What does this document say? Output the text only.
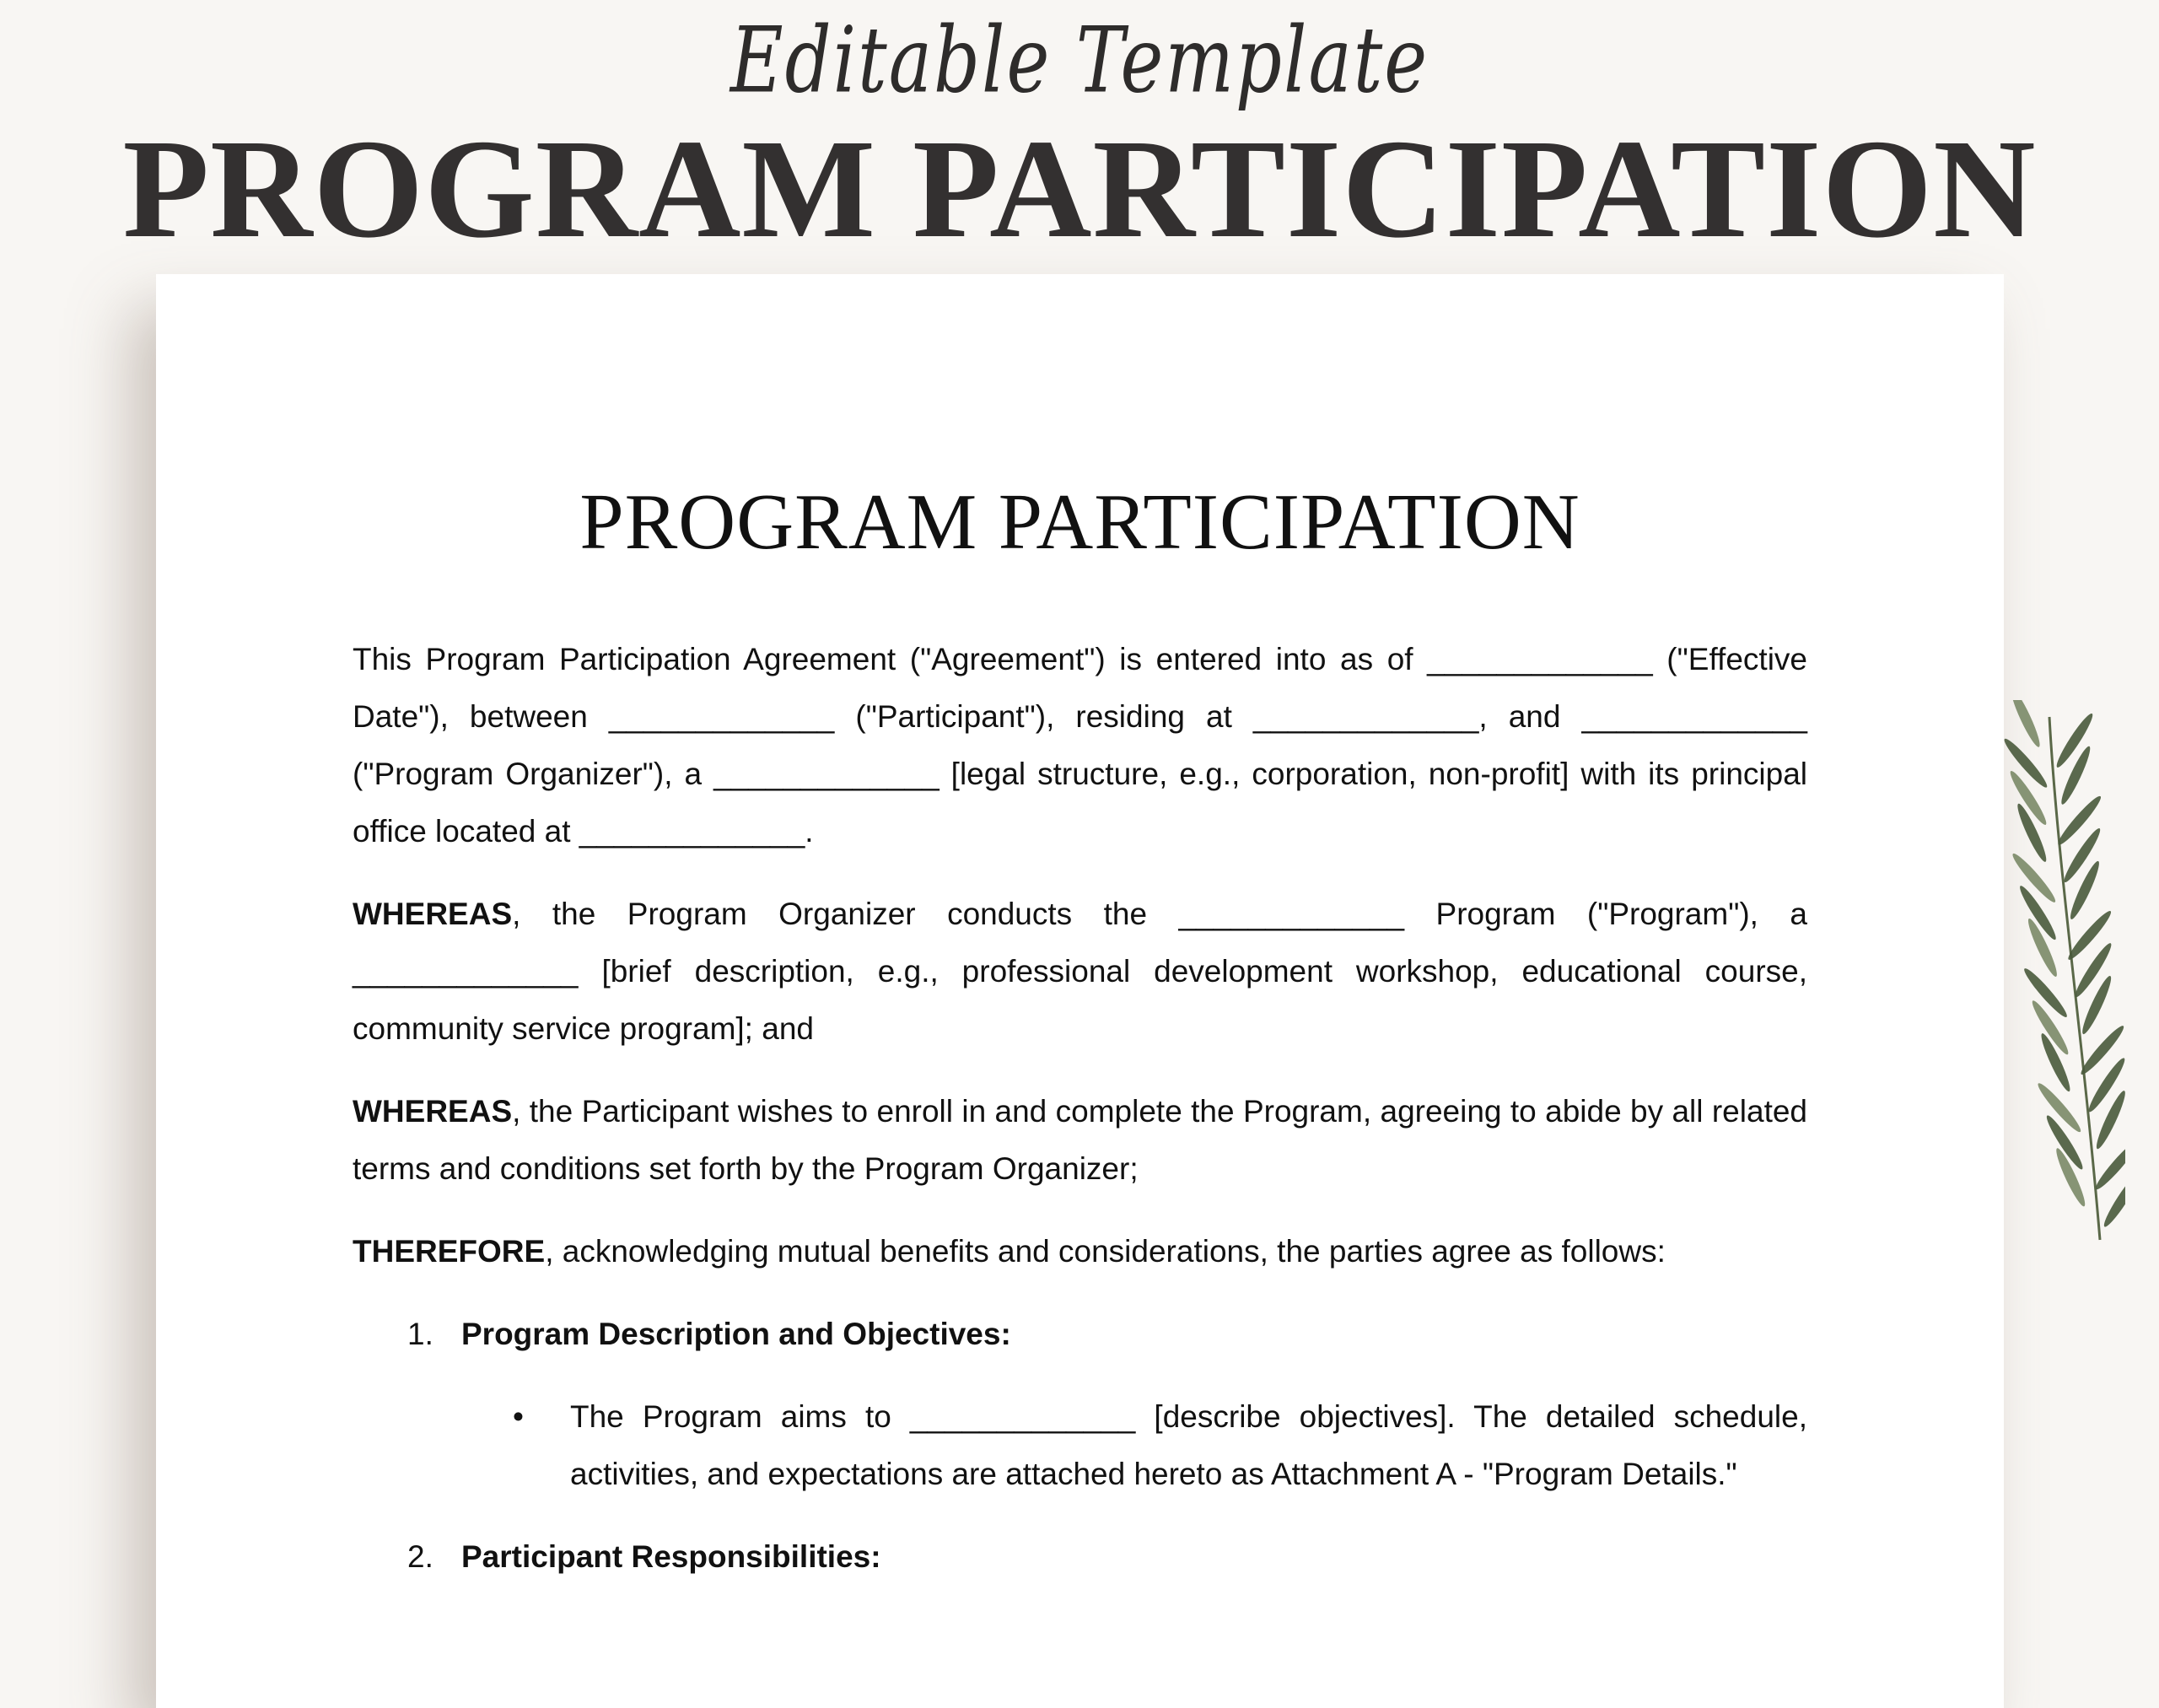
Editable Template
PROGRAM PARTICIPATION
PROGRAM PARTICIPATION

This Program Participation Agreement ("Agreement") is entered into as of _____________ ("Effective Date"), between _____________ ("Participant"), residing at _____________, and _____________ ("Program Organizer"), a _____________ [legal structure, e.g., corporation, non-profit] with its principal office located at _____________.

WHEREAS, the Program Organizer conducts the _____________ Program ("Program"), a _____________ [brief description, e.g., professional development workshop, educational course, community service program]; and

WHEREAS, the Participant wishes to enroll in and complete the Program, agreeing to abide by all related terms and conditions set forth by the Program Organizer;

THEREFORE, acknowledging mutual benefits and considerations, the parties agree as follows:

1. Program Description and Objectives:
• The Program aims to _____________ [describe objectives]. The detailed schedule, activities, and expectations are attached hereto as Attachment A - "Program Details."
2. Participant Responsibilities:
